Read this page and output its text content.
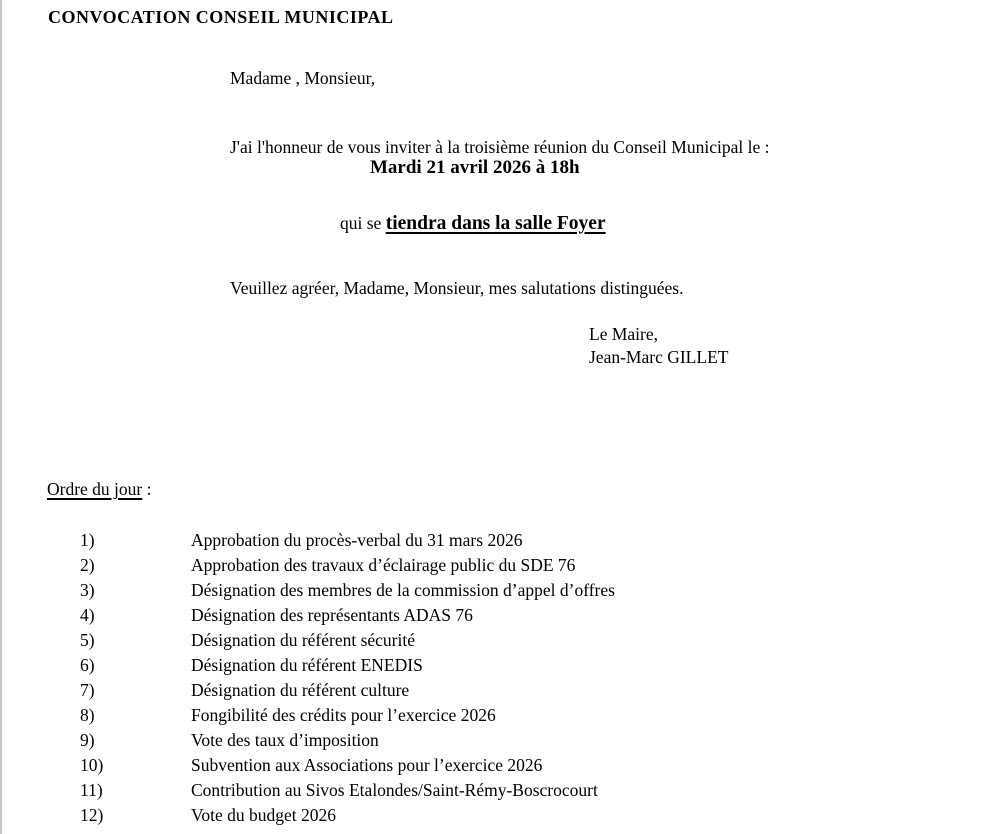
CONVOCATION CONSEIL MUNICIPAL

Madame , Monsieur,

J'ai l'honneur de vous inviter à la troisième réunion du Conseil Municipal le :

Mardi 21 avril 2026 à 18h

qui se tiendra dans la salle Foyer

Veuillez agréer, Madame, Monsieur, mes salutations distinguées.

Le Maire,
Jean-Marc GILLET

Ordre du jour :

1)	Approbation du procès-verbal du 31 mars 2026
2)	Approbation des travaux d’éclairage public du SDE 76
3)	Désignation des membres de la commission d’appel d’offres
4)	Désignation des représentants ADAS 76
5)	Désignation du référent sécurité
6)	Désignation du référent ENEDIS
7)	Désignation du référent culture
8)	Fongibilité des crédits pour l’exercice 2026
9)	Vote des taux d’imposition
10)	Subvention aux Associations pour l’exercice 2026
11)	Contribution au Sivos Etalondes/Saint-Rémy-Boscrocourt
12)	Vote du budget 2026
